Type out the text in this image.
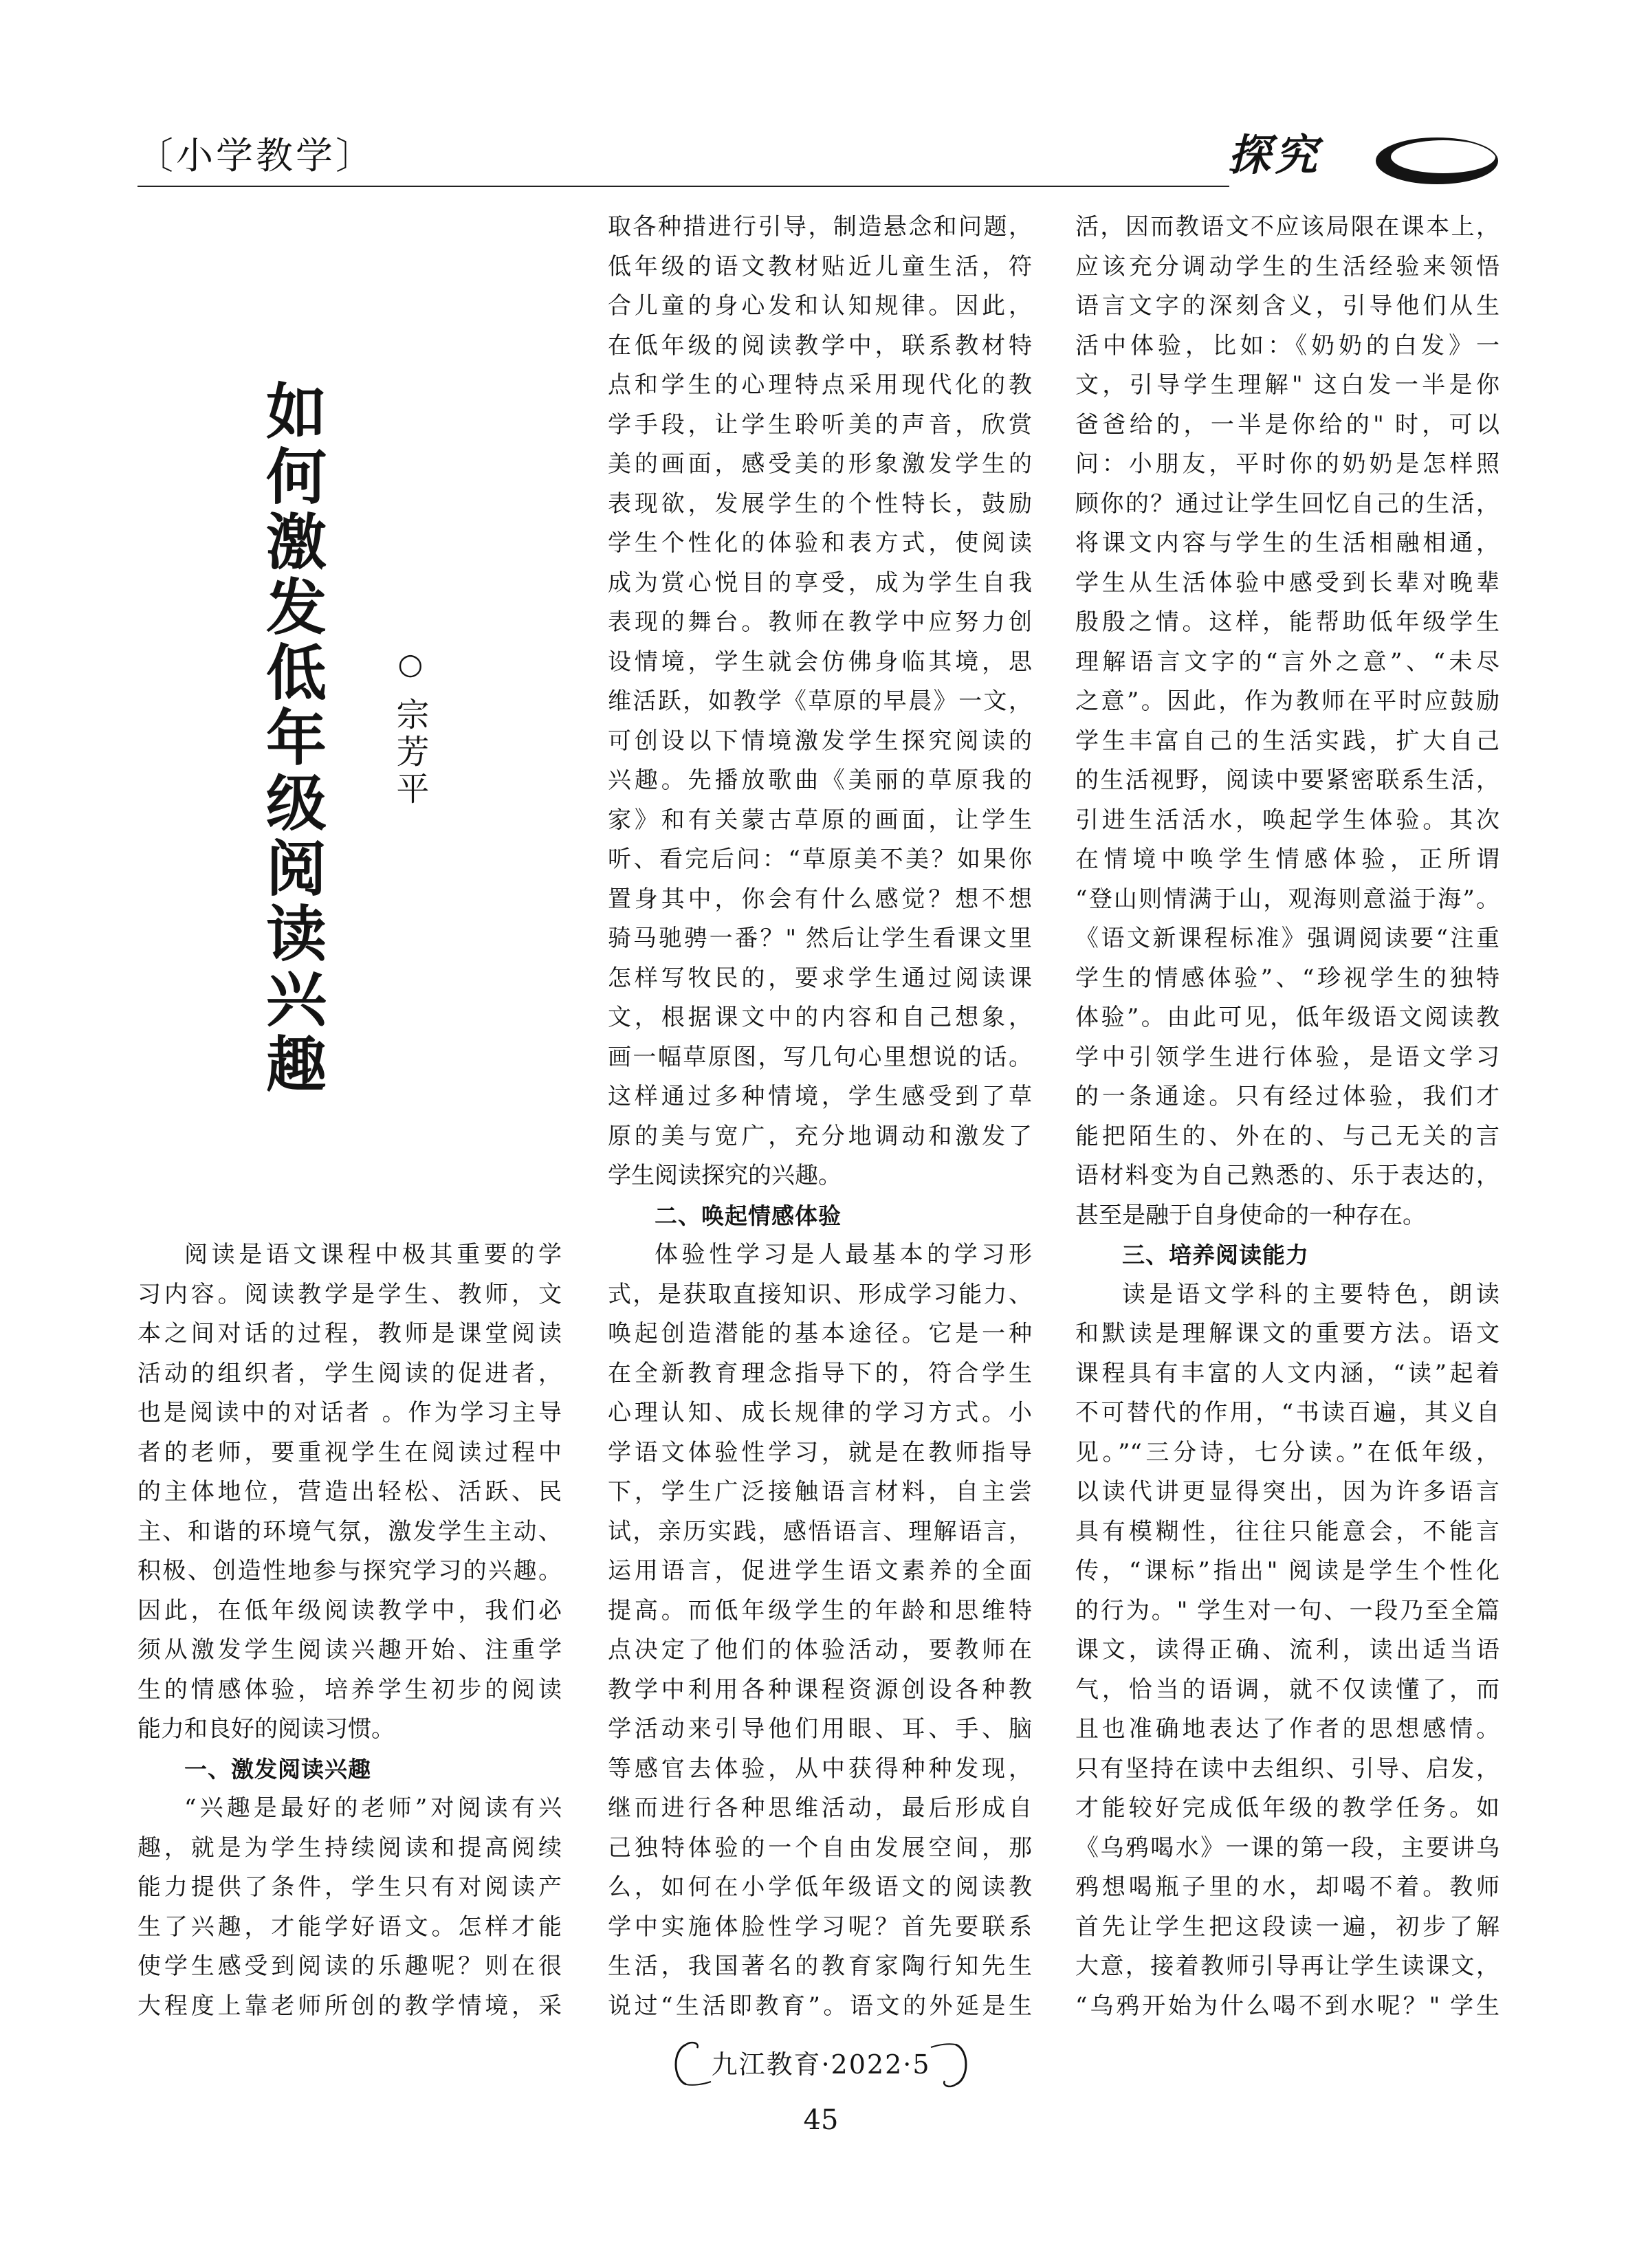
〔小学教学〕	探究
如何激发低年级阅读兴趣 ○
宗芳平
阅读是语文课程中极其重要的学
习内容。阅读教学是学生、教师，文
本之间对话的过程，教师是课堂阅读
活动的组织者，学生阅读的促进者，
也是阅读中的对话者 。作为学习主导
者的老师，要重视学生在阅读过程中
的主体地位，营造出轻松、活跃、民
主、和谐的环境气氛，激发学生主动、
积极、创造性地参与探究学习的兴趣。
因此，在低年级阅读教学中，我们必
须从激发学生阅读兴趣开始、注重学
生的情感体验，培养学生初步的阅读
能力和良好的阅读习惯。
一、激发阅读兴趣
“兴趣是最好的老师”对阅读有兴
趣，就是为学生持续阅读和提高阅续
能力提供了条件，学生只有对阅读产
生了兴趣，才能学好语文。怎样才能
使学生感受到阅读的乐趣呢？则在很
大程度上靠老师所创的教学情境，采
取各种措进行引导，制造悬念和问题，
低年级的语文教材贴近儿童生活，符
合儿童的身心发和认知规律。因此，
在低年级的阅读教学中，联系教材特
点和学生的心理特点采用现代化的教
学手段，让学生聆听美的声音，欣赏
美的画面，感受美的形象激发学生的
表现欲，发展学生的个性特长，鼓励
学生个性化的体验和表方式，使阅读
成为赏心悦目的享受，成为学生自我
表现的舞台。教师在教学中应努力创
设情境，学生就会仿佛身临其境，思
维活跃，如教学《草原的早晨》一文，
可创设以下情境激发学生探究阅读的
兴趣。先播放歌曲《美丽的草原我的
家》和有关蒙古草原的画面，让学生
听、看完后问：“草原美不美？如果你
置身其中，你会有什么感觉？想不想
骑马驰骋一番？" 然后让学生看课文里
怎样写牧民的，要求学生通过阅读课
文，根据课文中的内容和自己想象，
画一幅草原图，写几句心里想说的话。
这样通过多种情境，学生感受到了草
原的美与宽广，充分地调动和激发了
学生阅读探究的兴趣。
二、唤起情感体验
体验性学习是人最基本的学习形
式，是获取直接知识、形成学习能力、
唤起创造潜能的基本途径。它是一种
在全新教育理念指导下的，符合学生
心理认知、成长规律的学习方式。小
学语文体验性学习，就是在教师指导
下，学生广泛接触语言材料，自主尝
试，亲历实践，感悟语言、理解语言，
运用语言，促进学生语文素养的全面
提高。而低年级学生的年龄和思维特
点决定了他们的体验活动，要教师在
教学中利用各种课程资源创设各种教
学活动来引导他们用眼、耳、手、脑
等感官去体验，从中获得种种发现，
继而进行各种思维活动，最后形成自
己独特体验的一个自由发展空间，那
么，如何在小学低年级语文的阅读教
学中实施体脸性学习呢？首先要联系
生活，我国著名的教育家陶行知先生
说过“生活即教育”。语文的外延是生
活，因而教语文不应该局限在课本上，
应该充分调动学生的生活经验来领悟
语言文字的深刻含义，引导他们从生
活中体验，比如：《奶奶的白发》一
文，引导学生理解" 这白发一半是你
爸爸给的，一半是你给的" 时，可以
问：小朋友，平时你的奶奶是怎样照
顾你的？通过让学生回忆自己的生活，
将课文内容与学生的生活相融相通，
学生从生活体验中感受到长辈对晚辈
殷殷之情。这样，能帮助低年级学生
理解语言文字的“言外之意”、“未尽
之意”。因此，作为教师在平时应鼓励
学生丰富自己的生活实践，扩大自己
的生活视野，阅读中要紧密联系生活，
引进生活活水，唤起学生体验。其次
在情境中唤学生情感体验，正所谓
“登山则情满于山，观海则意溢于海”。
《语文新课程标准》强调阅读要“注重
学生的情感体验”、“珍视学生的独特
体验”。由此可见，低年级语文阅读教
学中引领学生进行体验，是语文学习
的一条通途。只有经过体验，我们才
能把陌生的、外在的、与己无关的言
语材料变为自己熟悉的、乐于表达的，
甚至是融于自身使命的一种存在。
三、培养阅读能力
读是语文学科的主要特色，朗读
和默读是理解课文的重要方法。语文
课程具有丰富的人文内涵，“读”起着
不可替代的作用，“书读百遍，其义自
见。”“三分诗，七分读。”在低年级，
以读代讲更显得突出，因为许多语言
具有模糊性，往往只能意会，不能言
传，“课标”指出" 阅读是学生个性化
的行为。" 学生对一句、一段乃至全篇
课文，读得正确、流利，读出适当语
气，恰当的语调，就不仅读懂了，而
且也准确地表达了作者的思想感情。
只有坚持在读中去组织、引导、启发，
才能较好完成低年级的教学任务。如
《乌鸦喝水》一课的第一段，主要讲乌
鸦想喝瓶子里的水，却喝不着。教师
首先让学生把这段读一遍，初步了解
大意，接着教师引导再让学生读课文，
“乌鸦开始为什么喝不到水呢？" 学生
九江教育·2022·5
45
